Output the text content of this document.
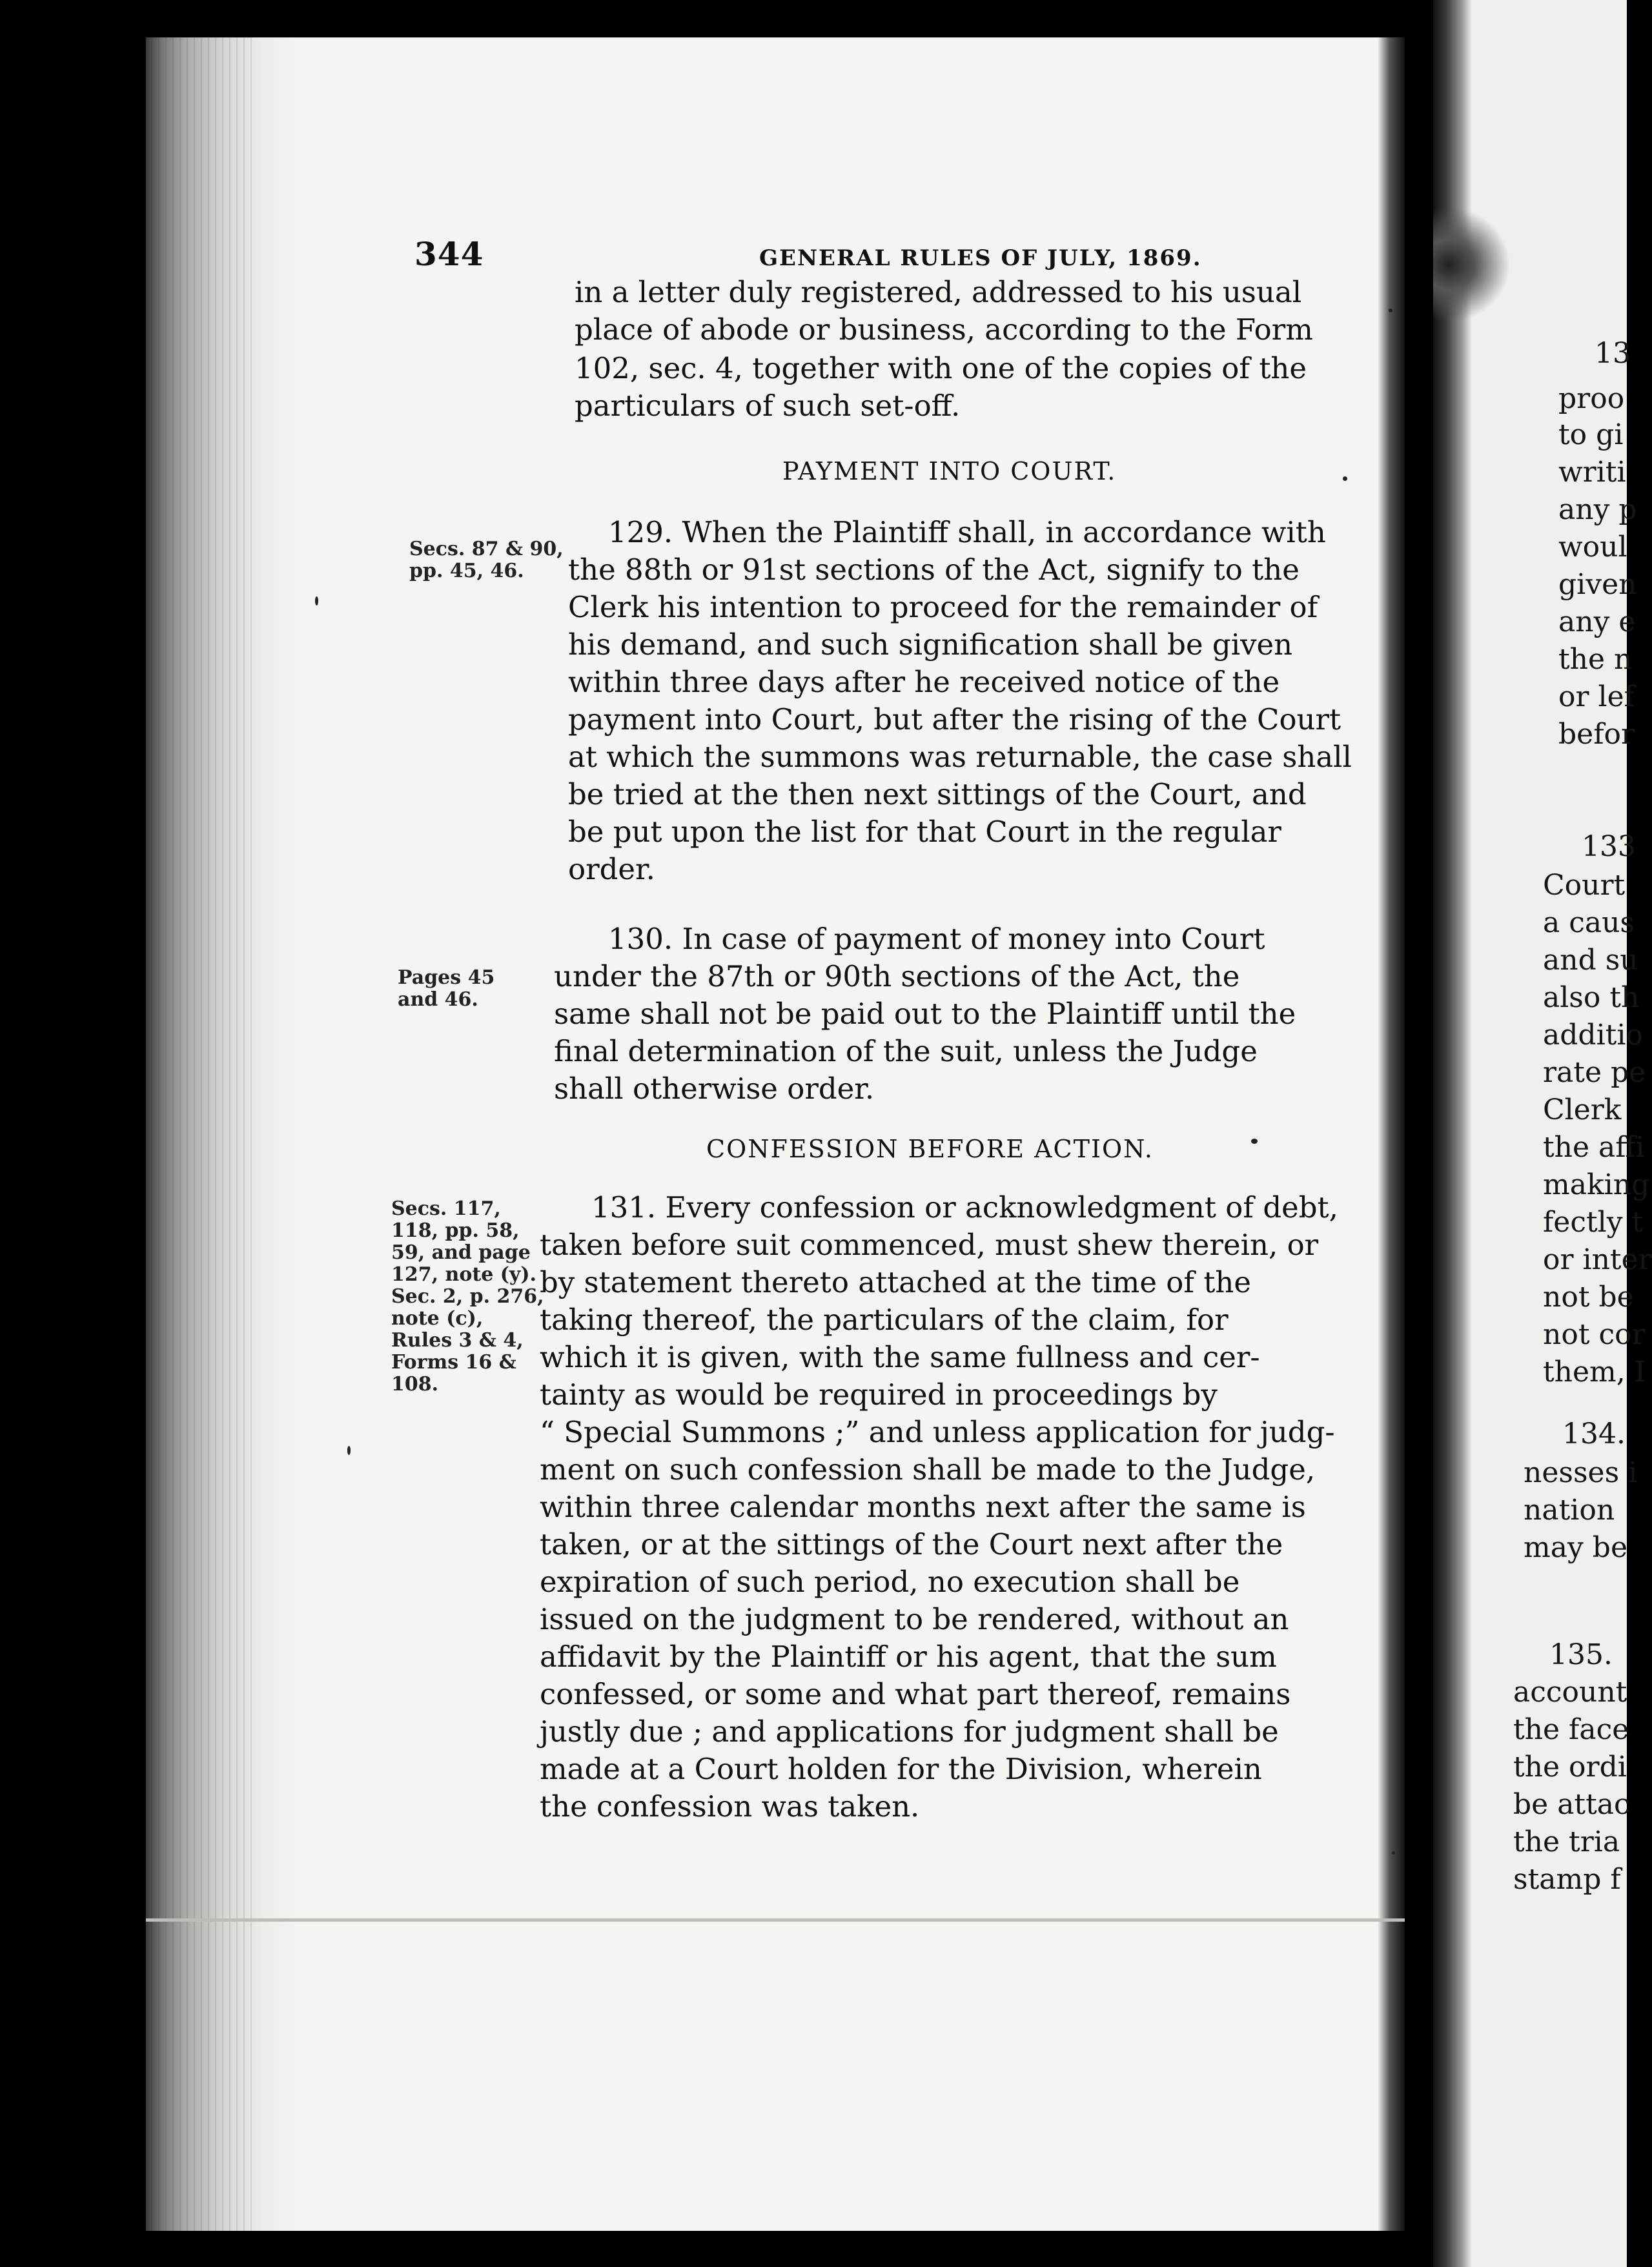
344	GENERAL RULES OF JULY, 1869.
in a letter duly registered, addressed to his usual
place of abode or business, according to the Form
102, sec. 4, together with one of the copies of the
particulars of such set-off.
PAYMENT INTO COURT.
Secs. 87 & 90,
pp. 45, 46.
129. When the Plaintiff shall, in accordance with
the 88th or 91st sections of the Act, signify to the
Clerk his intention to proceed for the remainder of
his demand, and such signification shall be given
within three days after he received notice of the
payment into Court, but after the rising of the Court
at which the summons was returnable, the case shall
be tried at the then next sittings of the Court, and
be put upon the list for that Court in the regular
order.
Pages 45
and 46.
130. In case of payment of money into Court
under the 87th or 90th sections of the Act, the
same shall not be paid out to the Plaintiff until the
final determination of the suit, unless the Judge
shall otherwise order.
CONFESSION BEFORE ACTION.
Secs. 117,
118, pp. 58,
59, and page
127, note (y).
Sec. 2, p. 276,
note (c),
Rules 3 & 4,
Forms 16 &
108.
131. Every confession or acknowledgment of debt,
taken before suit commenced, must shew therein, or
by statement thereto attached at the time of the
taking thereof, the particulars of the claim, for
which it is given, with the same fullness and cer-
tainty as would be required in proceedings by
“ Special Summons ;” and unless application for judg-
ment on such confession shall be made to the Judge,
within three calendar months next after the same is
taken, or at the sittings of the Court next after the
expiration of such period, no execution shall be
issued on the judgment to be rendered, without an
affidavit by the Plaintiff or his agent, that the sum
confessed, or some and what part thereof, remains
justly due ; and applications for judgment shall be
made at a Court holden for the Division, wherein
the confession was taken.
13
proo
to gi
writi
any p
woul
given
any e
the n
or lef
befor
133
Court
a caus
and su
also th
additio
rate pe
Clerk
the affi
making
fectly t
or inter
not be
not cor
them, I
134.
nesses i
nation
may be
135.
account
the face
the ordi
be attac
the tria
stamp f
